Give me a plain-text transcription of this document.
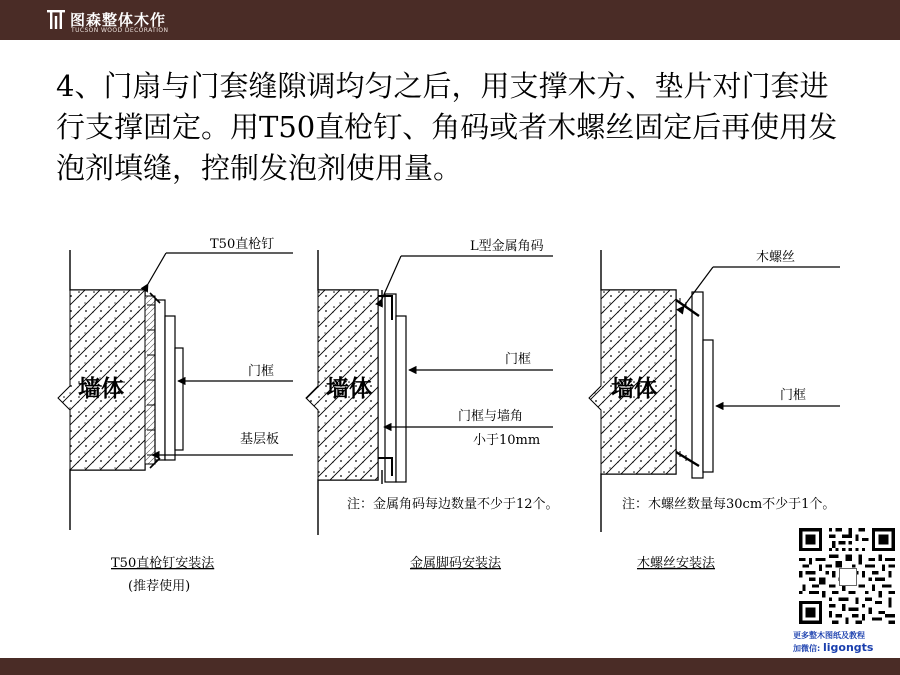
图森整体木作
TUCSON WOOD DECORATION

4、门扇与门套缝隙调均匀之后，用支撑木方、垫片对门套进行支撑固定。用T50直枪钉、角码或者木螺丝固定后再使用发泡剂填缝，控制发泡剂使用量。

墙体
T50直枪钉
门框
基层板
T50直枪钉安装法
(推荐使用)
墙体
L型金属角码
门框
门框与墙角
小于10mm
注：金属角码每边数量不少于12个。
金属脚码安装法
墙体
木螺丝
门框
注：木螺丝数量每30cm不少于1个。
木螺丝安装法
更多整木图纸及教程
加微信: ligongts
